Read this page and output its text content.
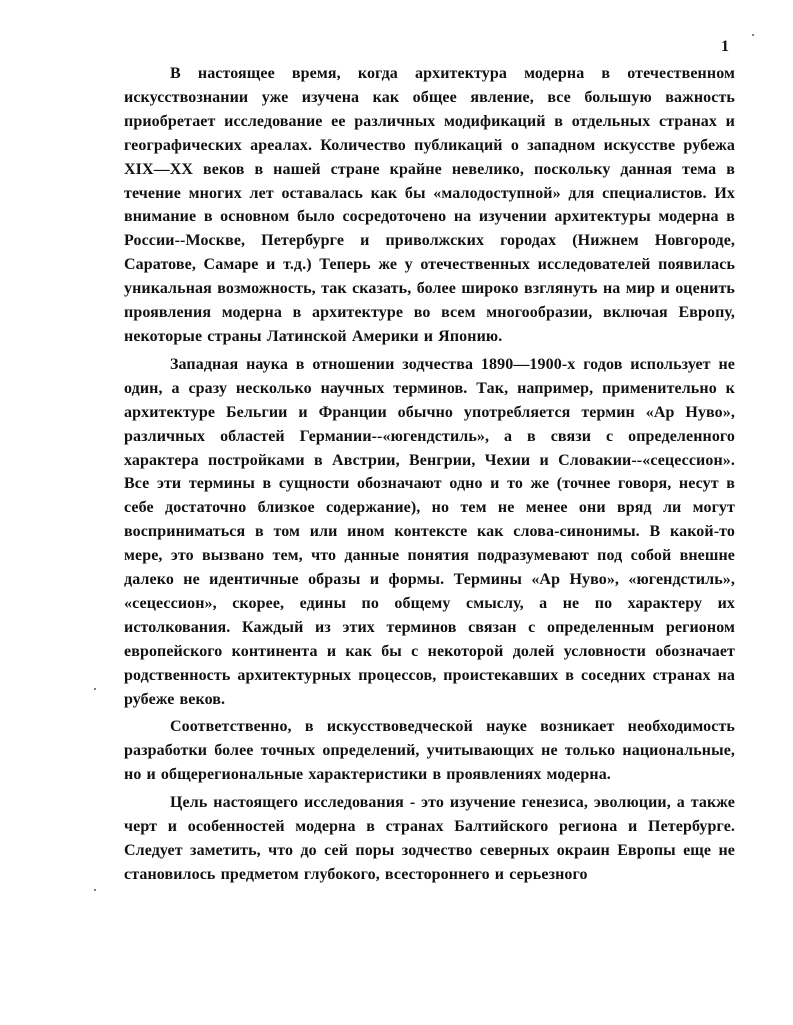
1

В настоящее время, когда архитектура модерна в отечественном искусствознании уже изучена как общее явление, все большую важность приобретает исследование ее различных модификаций в отдельных странах и географических ареалах. Количество публикаций о западном искусстве рубежа XIX—XX веков в нашей стране крайне невелико, поскольку данная тема в течение многих лет оставалась как бы «малодоступной» для специалистов. Их внимание в основном было сосредоточено на изучении архитектуры модерна в России--Москве, Петербурге и приволжских городах (Нижнем Новгороде, Саратове, Самаре и т.д.) Теперь же у отечественных исследователей появилась уникальная возможность, так сказать, более широко взглянуть на мир и оценить проявления модерна в архитектуре во всем многообразии, включая Европу, некоторые страны Латинской Америки и Японию.

Западная наука в отношении зодчества 1890—1900-х годов использует не один, а сразу несколько научных терминов. Так, например, применительно к архитектуре Бельгии и Франции обычно употребляется термин «Ар Нуво», различных областей Германии--«югендстиль», а в связи с определенного характера постройками в Австрии, Венгрии, Чехии и Словакии--«сецессион». Все эти термины в сущности обозначают одно и то же (точнее говоря, несут в себе достаточно близкое содержание), но тем не менее они вряд ли могут восприниматься в том или ином контексте как слова-синонимы. В какой-то мере, это вызвано тем, что данные понятия подразумевают под собой внешне далеко не идентичные образы и формы. Термины «Ар Нуво», «югендстиль», «сецессион», скорее, едины по общему смыслу, а не по характеру их истолкования. Каждый из этих терминов связан с определенным регионом европейского континента и как бы с некоторой долей условности обозначает родственность архитектурных процессов, проистекавших в соседних странах на рубеже веков.

Соответственно, в искусствоведческой науке возникает необходимость разработки более точных определений, учитывающих не только национальные, но и общерегиональные характеристики в проявлениях модерна.

Цель настоящего исследования - это изучение генезиса, эволюции, а также черт и особенностей модерна в странах Балтийского региона и Петербурге. Следует заметить, что до сей поры зодчество северных окраин Европы еще не становилось предметом глубокого, всестороннего и серьезного
